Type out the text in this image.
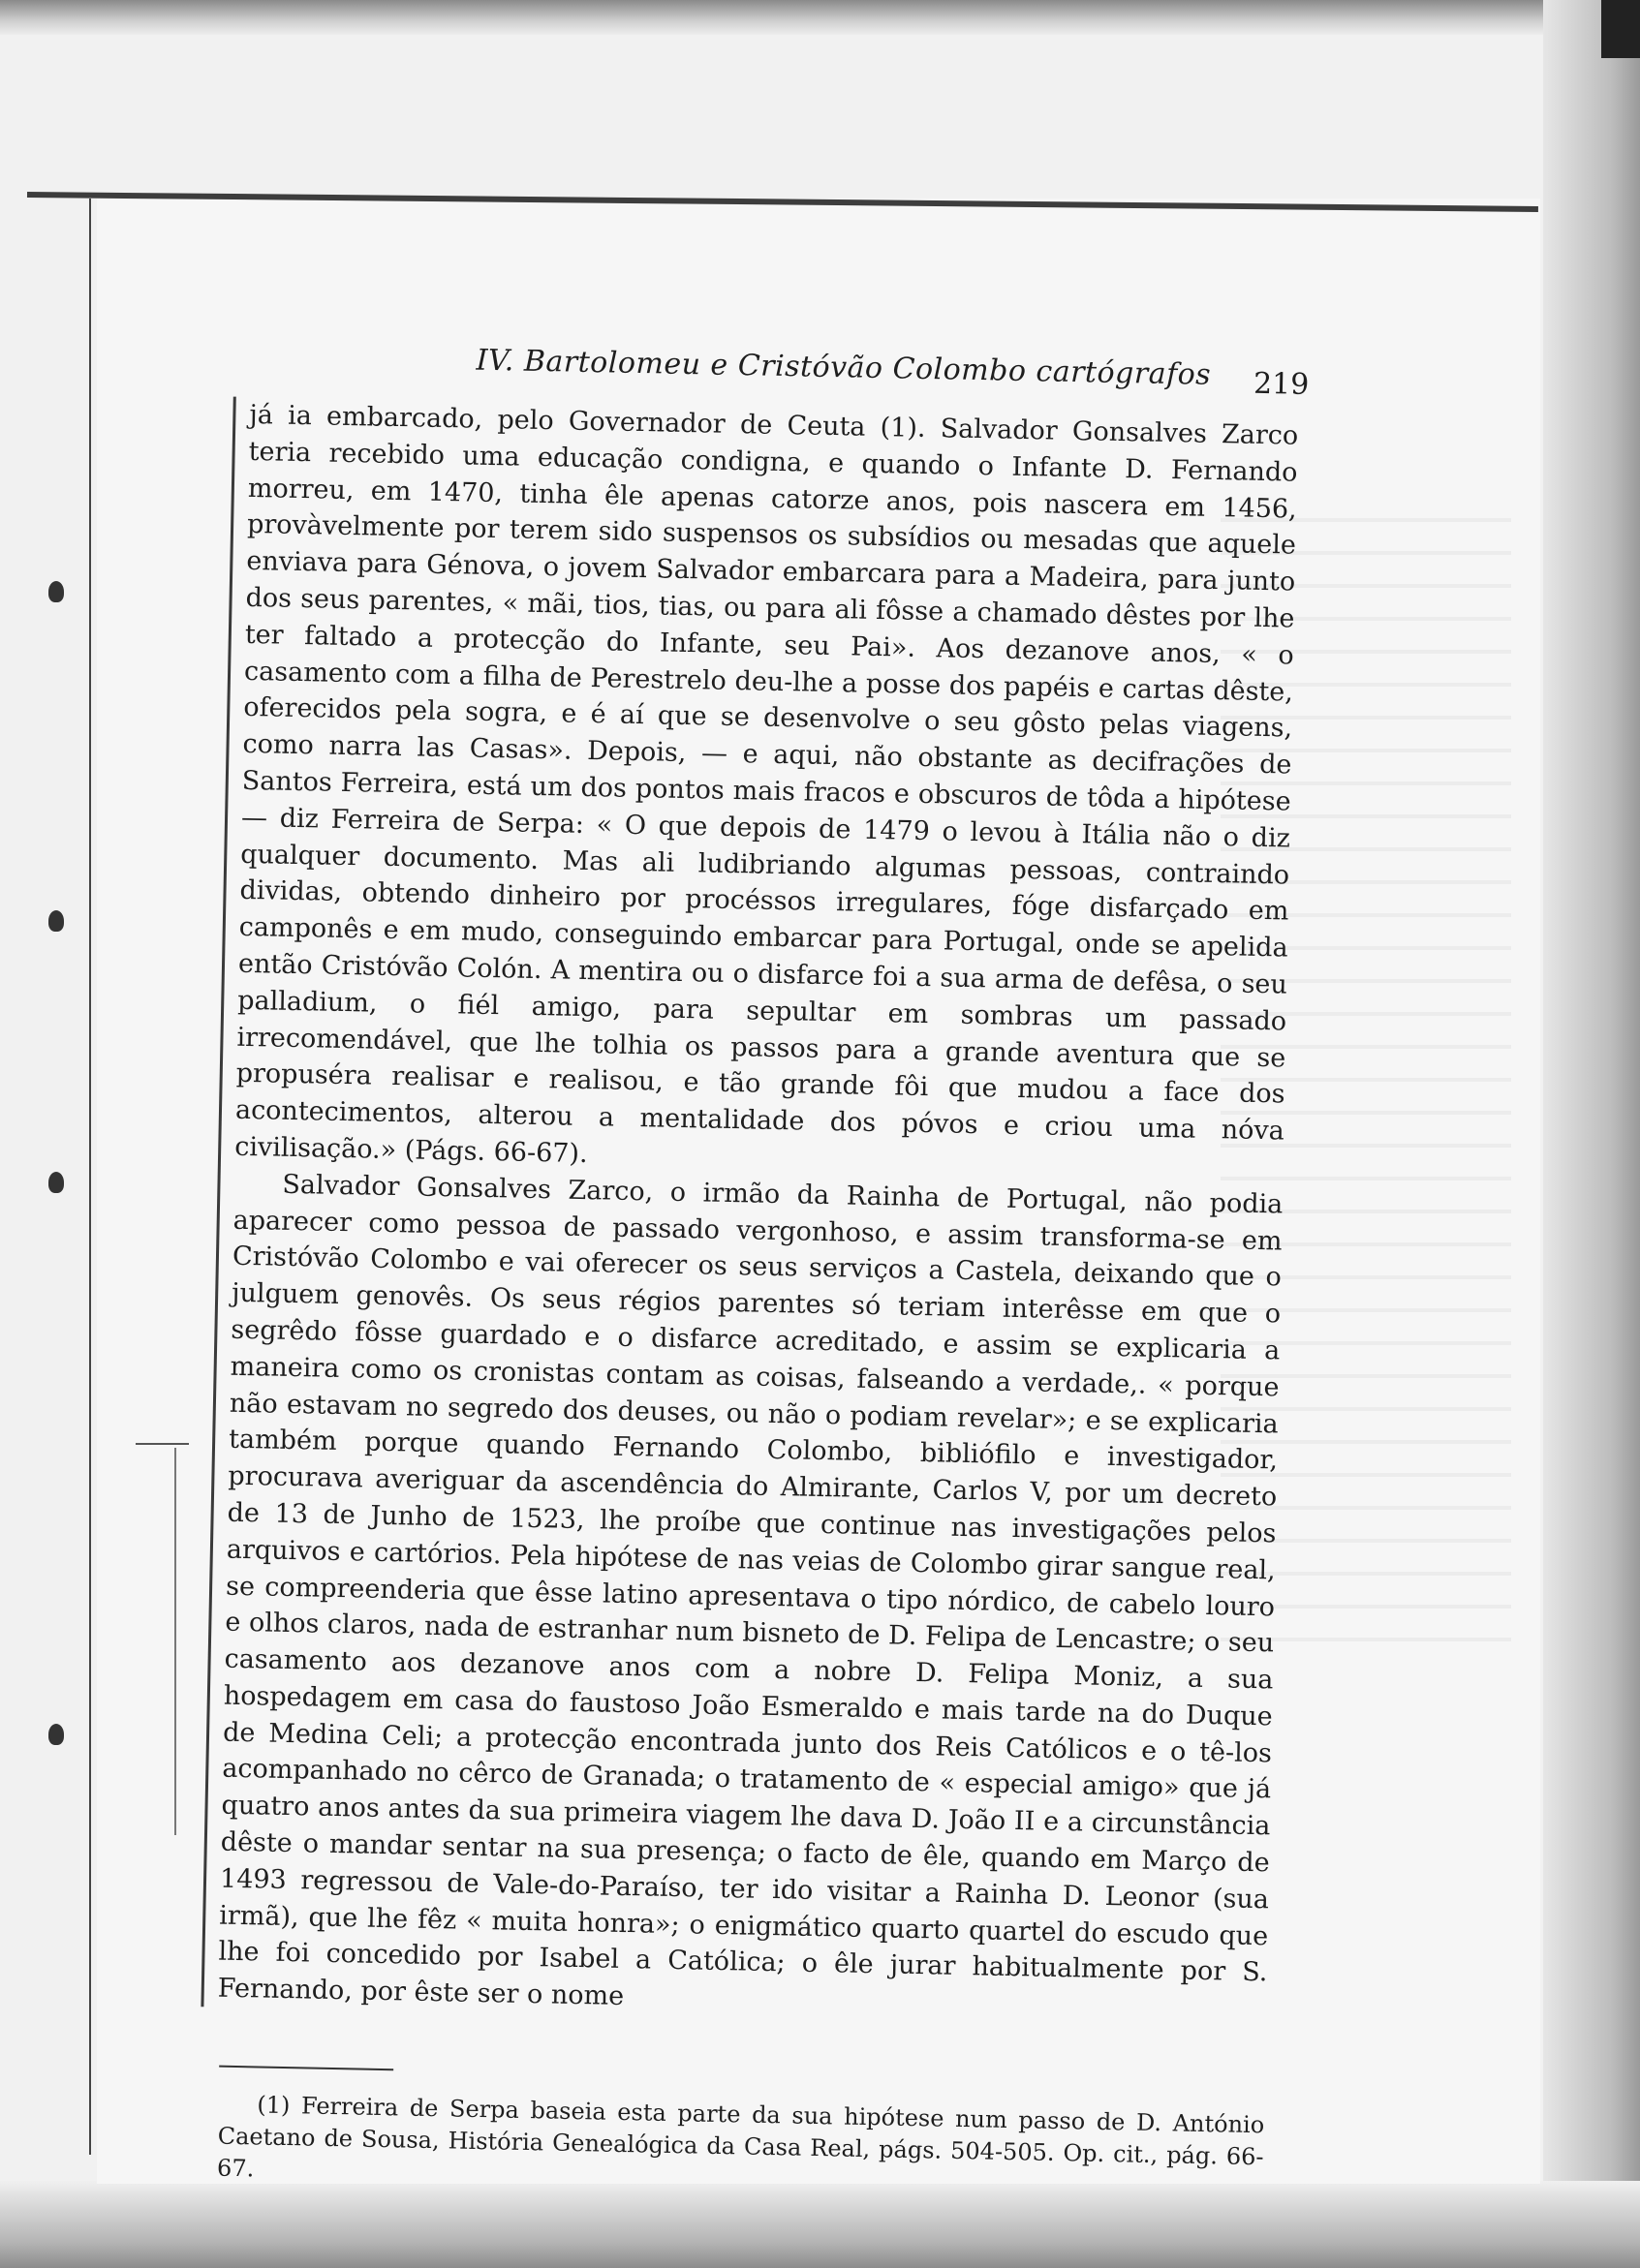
IV. Bartolomeu e Cristóvão Colombo cartógrafos 219

já ia embarcado, pelo Governador de Ceuta (1). Salvador Gonsalves Zarco teria recebido uma educação condigna, e quando o Infante D. Fernando morreu, em 1470, tinha êle apenas catorze anos, pois nascera em 1456, provàvelmente por terem sido suspensos os subsídios ou mesadas que aquele enviava para Génova, o jovem Salvador embarcara para a Madeira, para junto dos seus parentes, « mãi, tios, tias, ou para ali fôsse a chamado dêstes por lhe ter faltado a protecção do Infante, seu Pai». Aos dezanove anos, « o casamento com a filha de Perestrelo deu-lhe a posse dos papéis e cartas dêste, oferecidos pela sogra, e é aí que se desenvolve o seu gôsto pelas viagens, como narra las Casas». Depois, — e aqui, não obstante as decifrações de Santos Ferreira, está um dos pontos mais fracos e obscuros de tôda a hipótese — diz Ferreira de Serpa: « O que depois de 1479 o levou à Itália não o diz qualquer documento. Mas ali ludibriando algumas pessoas, contraindo dividas, obtendo dinheiro por procéssos irregulares, fóge disfarçado em camponês e em mudo, conseguindo embarcar para Portugal, onde se apelida então Cristóvão Colón. A mentira ou o disfarce foi a sua arma de defêsa, o seu palladium, o fiél amigo, para sepultar em sombras um passado irrecomendável, que lhe tolhia os passos para a grande aventura que se propuséra realisar e realisou, e tão grande fôi que mudou a face dos acontecimentos, alterou a mentalidade dos póvos e criou uma nóva civilisação.» (Págs. 66-67).

Salvador Gonsalves Zarco, o irmão da Rainha de Portugal, não podia aparecer como pessoa de passado vergonhoso, e assim transforma-se em Cristóvão Colombo e vai oferecer os seus serviços a Castela, deixando que o julguem genovês. Os seus régios parentes só teriam interêsse em que o segrêdo fôsse guardado e o disfarce acreditado, e assim se explicaria a maneira como os cronistas contam as coisas, falseando a verdade,. « porque não estavam no segredo dos deuses, ou não o podiam revelar»; e se explicaria também porque quando Fernando Colombo, bibliófilo e investigador, procurava averiguar da ascendência do Almirante, Carlos V, por um decreto de 13 de Junho de 1523, lhe proíbe que continue nas investigações pelos arquivos e cartórios. Pela hipótese de nas veias de Colombo girar sangue real, se compreenderia que êsse latino apresentava o tipo nórdico, de cabelo louro e olhos claros, nada de estranhar num bisneto de D. Felipa de Lencastre; o seu casamento aos dezanove anos com a nobre D. Felipa Moniz, a sua hospedagem em casa do faustoso João Esmeraldo e mais tarde na do Duque de Medina Celi; a protecção encontrada junto dos Reis Católicos e o tê-los acompanhado no cêrco de Granada; o tratamento de « especial amigo» que já quatro anos antes da sua primeira viagem lhe dava D. João II e a circunstância dêste o mandar sentar na sua presença; o facto de êle, quando em Março de 1493 regressou de Vale-do-Paraíso, ter ido visitar a Rainha D. Leonor (sua irmã), que lhe fêz « muita honra»; o enigmático quarto quartel do escudo que lhe foi concedido por Isabel a Católica; o êle jurar habitualmente por S. Fernando, por êste ser o nome

(1) Ferreira de Serpa baseia esta parte da sua hipótese num passo de D. António Caetano de Sousa, História Genealógica da Casa Real, págs. 504-505. Op. cit., pág. 66-67.
